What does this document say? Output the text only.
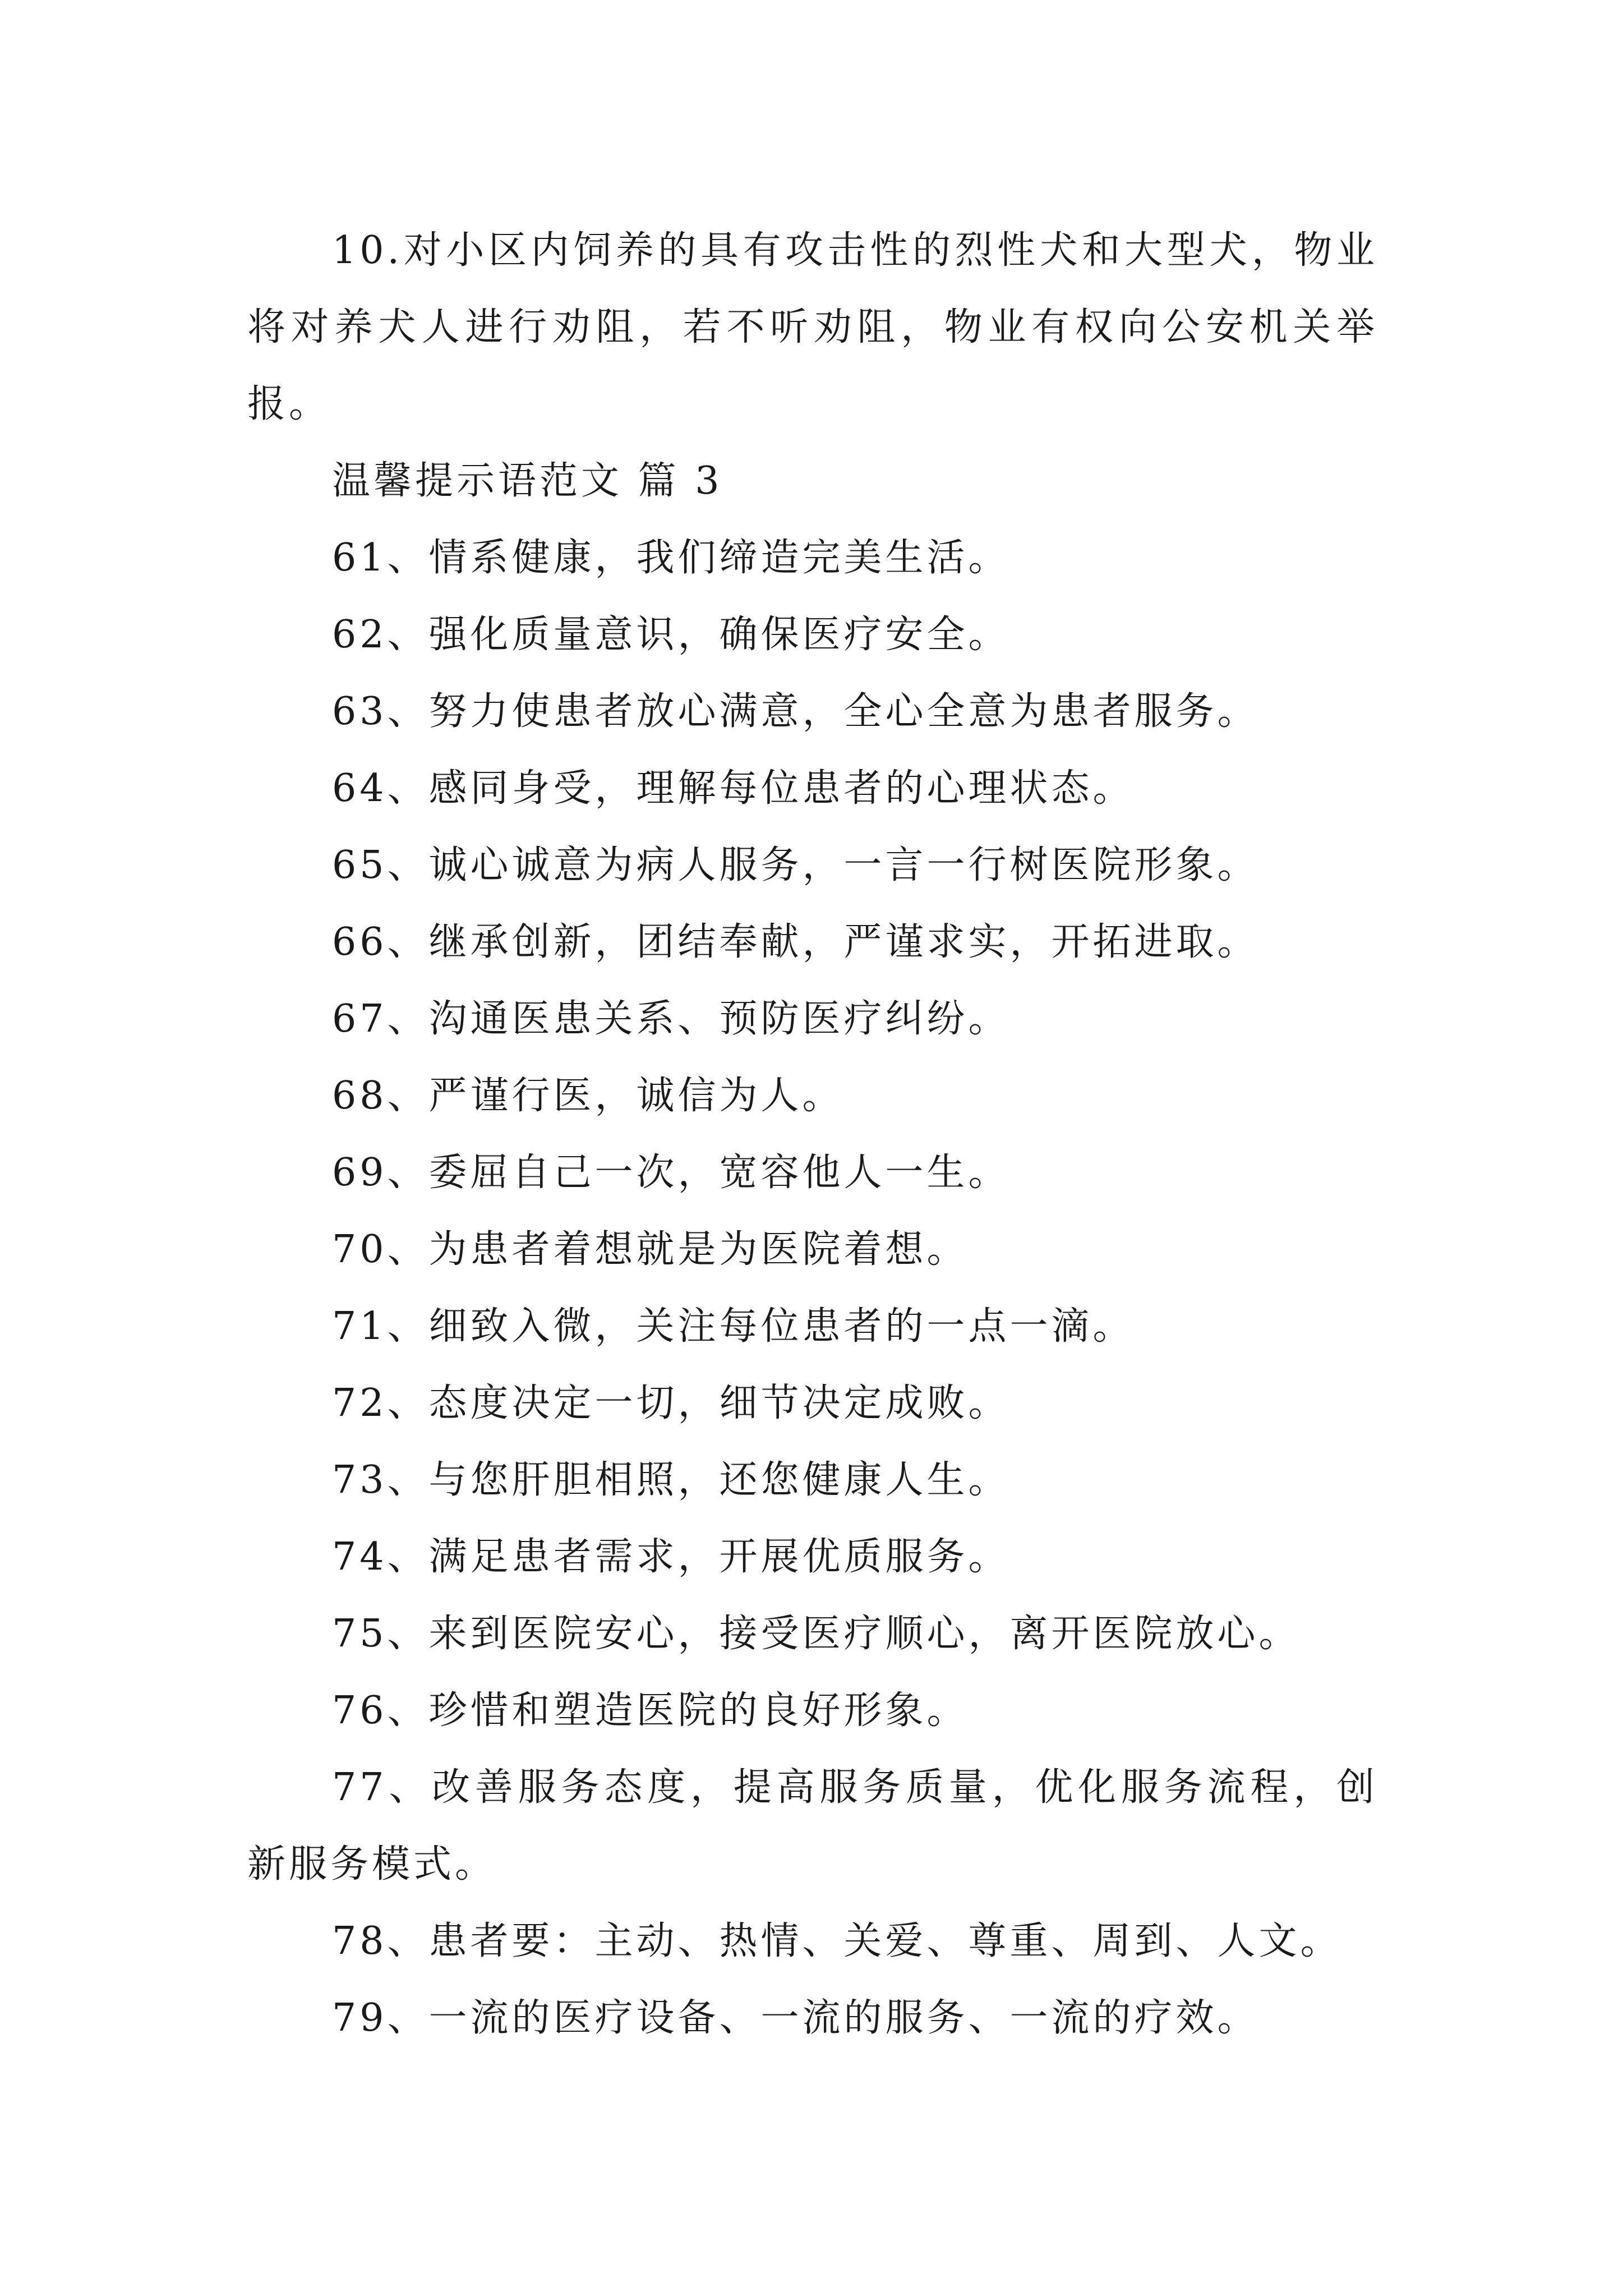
10.对小区内饲养的具有攻击性的烈性犬和大型犬，物业将对养犬人进行劝阻，若不听劝阻，物业有权向公安机关举报。

温馨提示语范文 篇 3

61、情系健康，我们缔造完美生活。

62、强化质量意识，确保医疗安全。

63、努力使患者放心满意，全心全意为患者服务。

64、感同身受，理解每位患者的心理状态。

65、诚心诚意为病人服务，一言一行树医院形象。

66、继承创新，团结奉献，严谨求实，开拓进取。

67、沟通医患关系、预防医疗纠纷。

68、严谨行医，诚信为人。

69、委屈自己一次，宽容他人一生。

70、为患者着想就是为医院着想。

71、细致入微，关注每位患者的一点一滴。

72、态度决定一切，细节决定成败。

73、与您肝胆相照，还您健康人生。

74、满足患者需求，开展优质服务。

75、来到医院安心，接受医疗顺心，离开医院放心。

76、珍惜和塑造医院的良好形象。

77、改善服务态度，提高服务质量，优化服务流程，创新服务模式。

78、患者要：主动、热情、关爱、尊重、周到、人文。

79、一流的医疗设备、一流的服务、一流的疗效。
